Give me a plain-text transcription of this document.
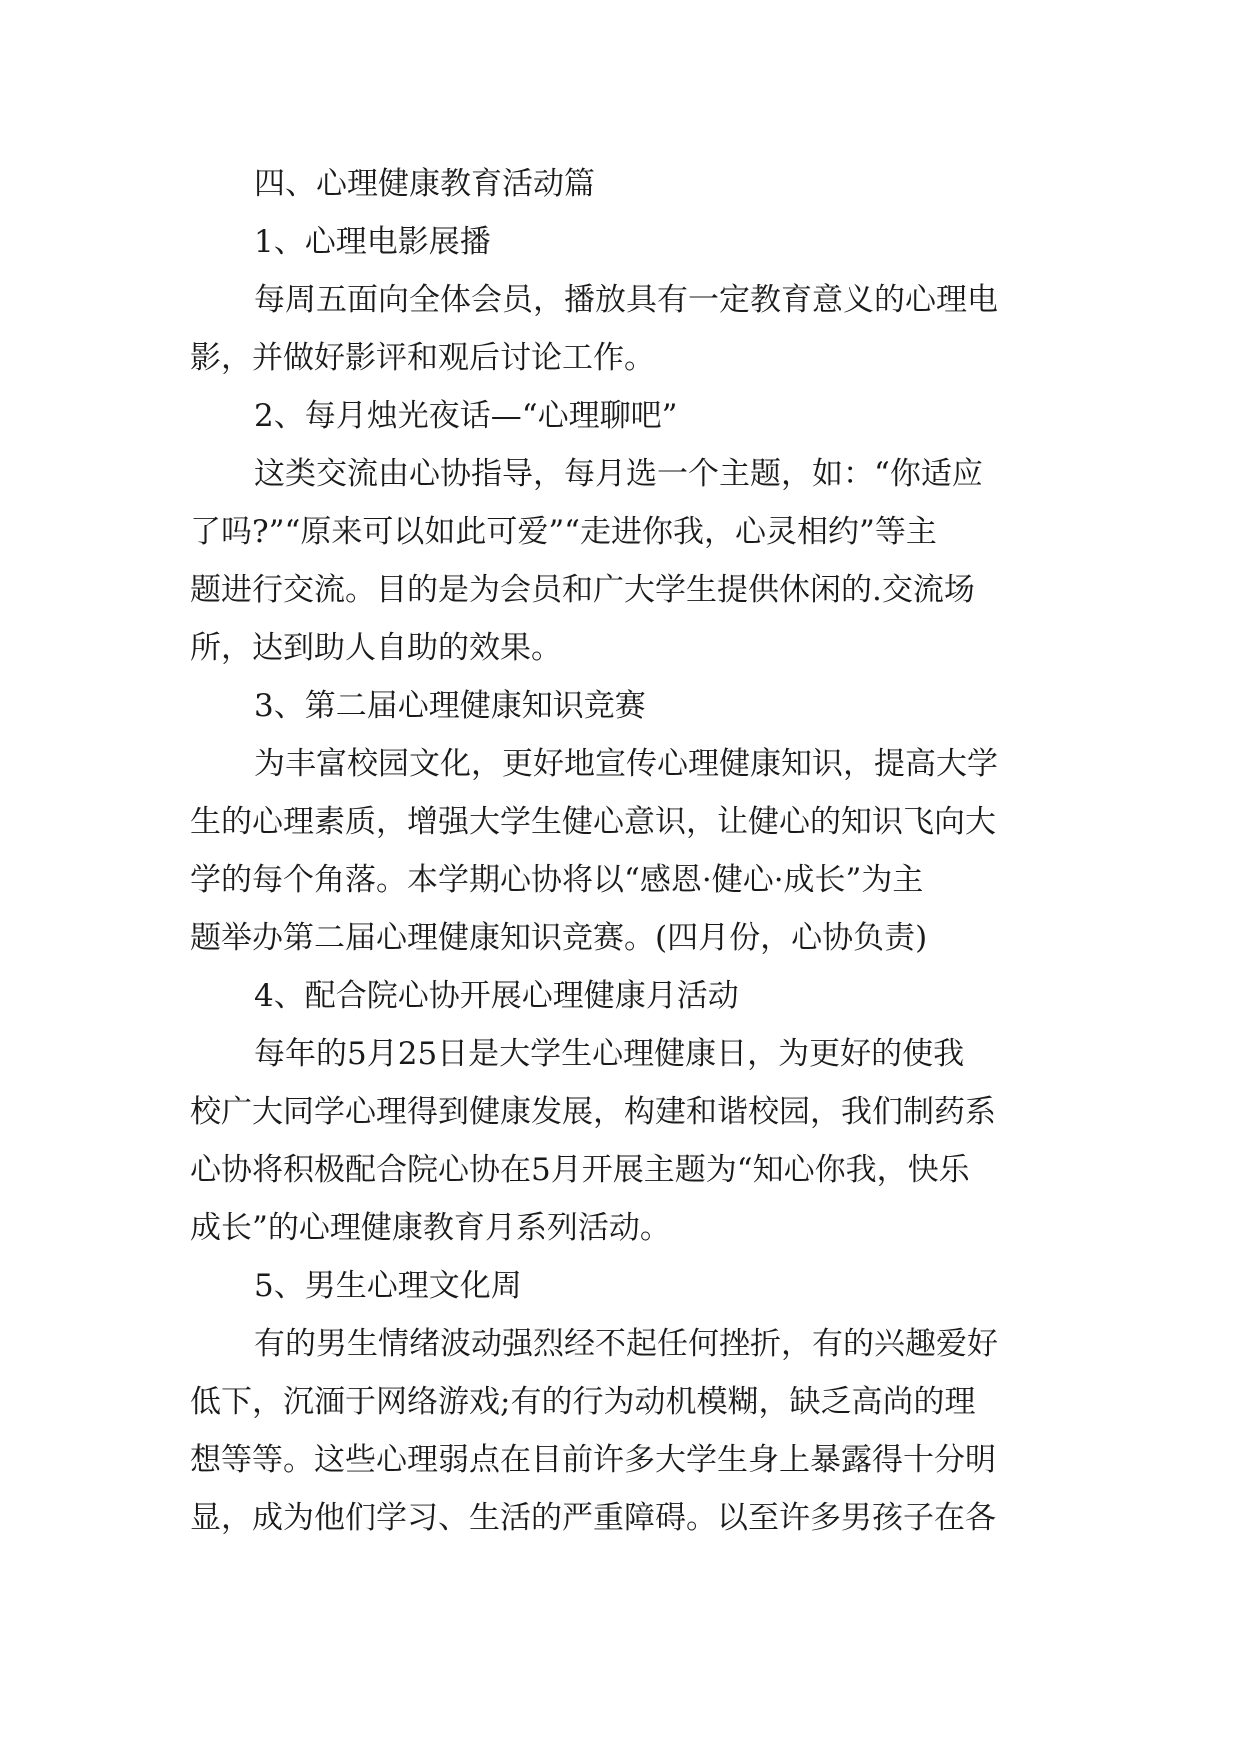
四、心理健康教育活动篇
1、心理电影展播
每周五面向全体会员，播放具有一定教育意义的心理电
影，并做好影评和观后讨论工作。
2、每月烛光夜话—“心理聊吧”
这类交流由心协指导，每月选一个主题，如：“你适应
了吗?”“原来可以如此可爱”“走进你我，心灵相约”等主
题进行交流。目的是为会员和广大学生提供休闲的.交流场
所，达到助人自助的效果。
3、第二届心理健康知识竞赛
为丰富校园文化，更好地宣传心理健康知识，提高大学
生的心理素质，增强大学生健心意识，让健心的知识飞向大
学的每个角落。本学期心协将以“感恩·健心·成长”为主
题举办第二届心理健康知识竞赛。(四月份，心协负责)
4、配合院心协开展心理健康月活动
每年的5月25日是大学生心理健康日，为更好的使我
校广大同学心理得到健康发展，构建和谐校园，我们制药系
心协将积极配合院心协在5月开展主题为“知心你我，快乐
成长”的心理健康教育月系列活动。
5、男生心理文化周
有的男生情绪波动强烈经不起任何挫折，有的兴趣爱好
低下，沉湎于网络游戏;有的行为动机模糊，缺乏高尚的理
想等等。这些心理弱点在目前许多大学生身上暴露得十分明
显，成为他们学习、生活的严重障碍。以至许多男孩子在各
